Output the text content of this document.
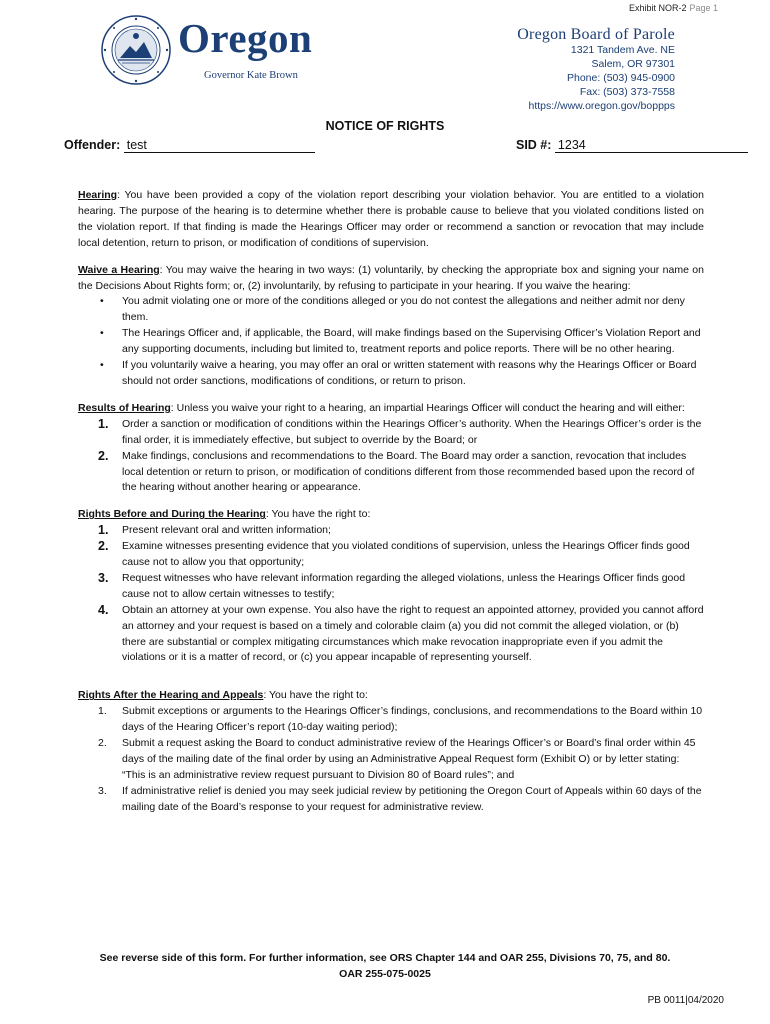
Exhibit NOR-2 Page 1
Oregon
Governor Kate Brown
Oregon Board of Parole
1321 Tandem Ave. NE
Salem, OR 97301
Phone: (503) 945-0900
Fax: (503) 373-7558
https://www.oregon.gov/boppps
NOTICE OF RIGHTS
Offender: test	SID #: 1234

Hearing: You have been provided a copy of the violation report describing your violation behavior. You are entitled to a violation hearing. The purpose of the hearing is to determine whether there is probable cause to believe that you violated conditions listed on the violation report. If that finding is made the Hearings Officer may order or recommend a sanction or revocation that may include local detention, return to prison, or modification of conditions of supervision.

Waive a Hearing: You may waive the hearing in two ways: (1) voluntarily, by checking the appropriate box and signing your name on the Decisions About Rights form; or, (2) involuntarily, by refusing to participate in your hearing. If you waive the hearing:

• You admit violating one or more of the conditions alleged or you do not contest the allegations and neither admit nor deny them.
• The Hearings Officer and, if applicable, the Board, will make findings based on the Supervising Officer’s Violation Report and any supporting documents, including but limited to, treatment reports and police reports. There will be no other hearing.
• If you voluntarily waive a hearing, you may offer an oral or written statement with reasons why the Hearings Officer or Board should not order sanctions, modifications of conditions, or return to prison.

Results of Hearing: Unless you waive your right to a hearing, an impartial Hearings Officer will conduct the hearing and will either:

1. Order a sanction or modification of conditions within the Hearings Officer’s authority. When the Hearings Officer’s order is the final order, it is immediately effective, but subject to override by the Board; or
2. Make findings, conclusions and recommendations to the Board. The Board may order a sanction, revocation that includes local detention or return to prison, or modification of conditions different from those recommended based upon the record of the hearing without another hearing or appearance.

Rights Before and During the Hearing: You have the right to:

1. Present relevant oral and written information;
2. Examine witnesses presenting evidence that you violated conditions of supervision, unless the Hearings Officer finds good cause not to allow you that opportunity;
3. Request witnesses who have relevant information regarding the alleged violations, unless the Hearings Officer finds good cause not to allow certain witnesses to testify;
4. Obtain an attorney at your own expense. You also have the right to request an appointed attorney, provided you cannot afford an attorney and your request is based on a timely and colorable claim (a) you did not commit the alleged violation, or (b) there are substantial or complex mitigating circumstances which make revocation inappropriate even if you admit the violations or it is a matter of record, or (c) you appear incapable of representing yourself.

Rights After the Hearing and Appeals: You have the right to:

1. Submit exceptions or arguments to the Hearings Officer’s findings, conclusions, and recommendations to the Board within 10 days of the Hearing Officer’s report (10-day waiting period);
2. Submit a request asking the Board to conduct administrative review of the Hearings Officer’s or Board’s final order within 45 days of the mailing date of the final order by using an Administrative Appeal Request form (Exhibit O) or by letter stating: “This is an administrative review request pursuant to Division 80 of Board rules”; and
3. If administrative relief is denied you may seek judicial review by petitioning the Oregon Court of Appeals within 60 days of the mailing date of the Board’s response to your request for administrative review.
See reverse side of this form. For further information, see ORS Chapter 144 and OAR 255, Divisions 70, 75, and 80.
OAR 255-075-0025
PB 0011|04/2020
